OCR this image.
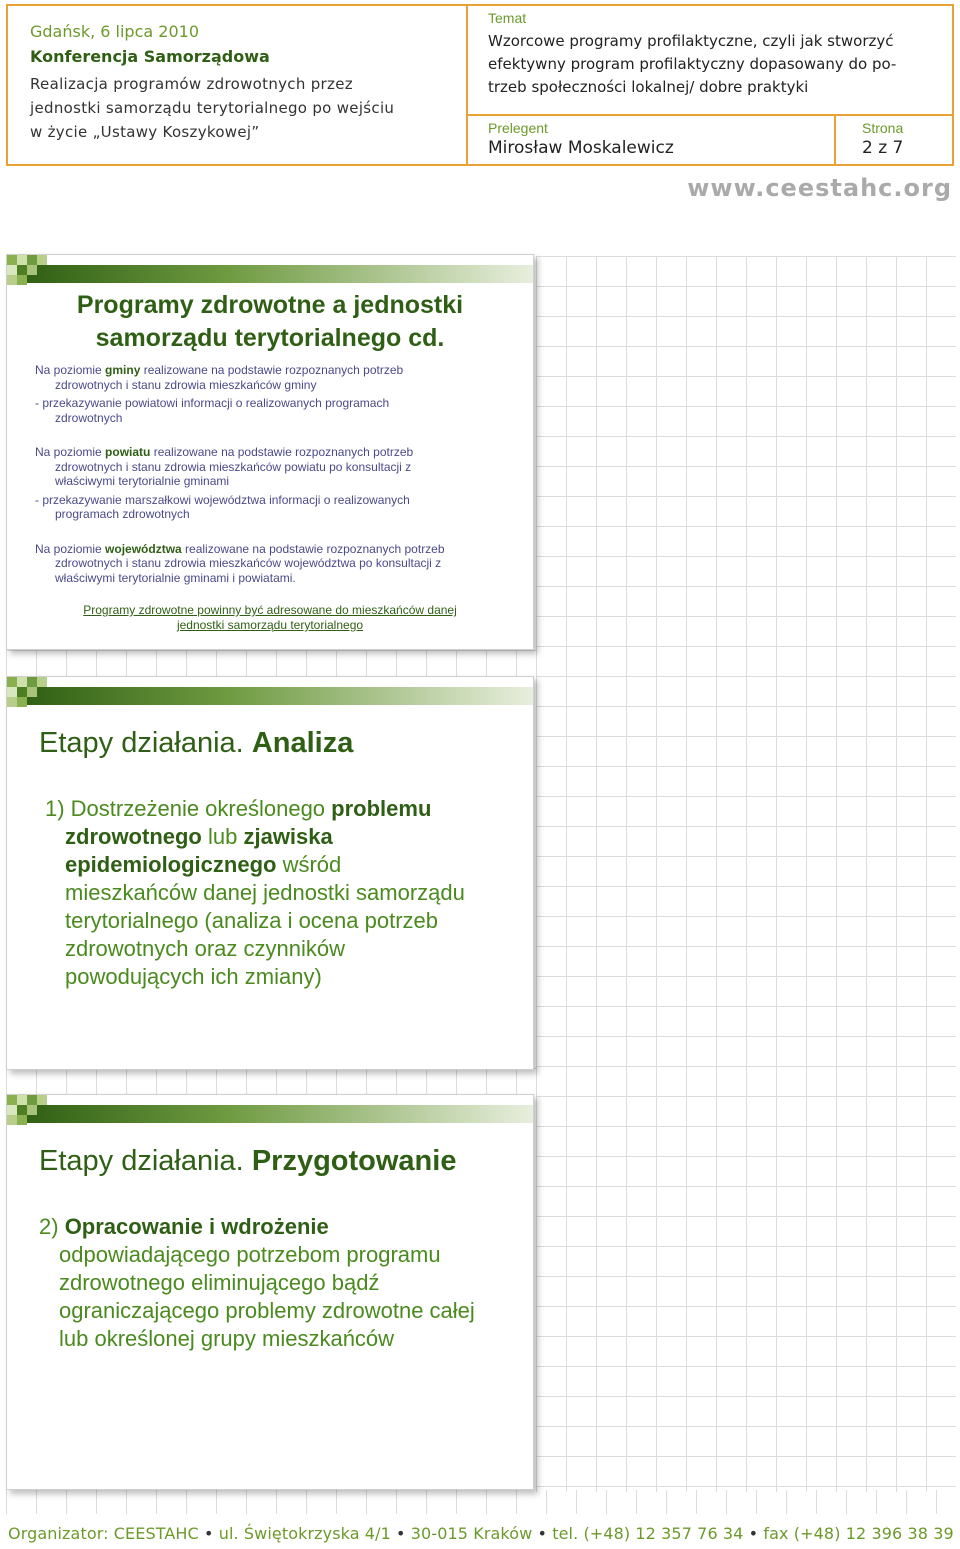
Gdańsk, 6 lipca 2010
Konferencja Samorządowa
Realizacja programów zdrowotnych przez
jednostki samorządu terytorialnego po wejściu
w życie „Ustawy Koszykowej”
Temat
Wzorcowe programy profilaktyczne, czyli jak stworzyć
efektywny program profilaktyczny dopasowany do po-
trzeb społeczności lokalnej/ dobre praktyki
Prelegent
Mirosław Moskalewicz
Strona
2 z 7
www.ceestahc.org
Programy zdrowotne a jednostki
samorządu terytorialnego cd.

Na poziomie gminy realizowane na podstawie rozpoznanych potrzeb

zdrowotnych i stanu zdrowia mieszkańców gminy

- przekazywanie powiatowi informacji o realizowanych programach

zdrowotnych

Na poziomie powiatu realizowane na podstawie rozpoznanych potrzeb

zdrowotnych i stanu zdrowia mieszkańców powiatu po konsultacji z

właściwymi terytorialnie gminami

- przekazywanie marszałkowi województwa informacji o realizowanych

programach zdrowotnych

Na poziomie województwa realizowane na podstawie rozpoznanych potrzeb

zdrowotnych i stanu zdrowia mieszkańców województwa po konsultacji z

właściwymi terytorialnie gminami i powiatami.

Programy zdrowotne powinny być adresowane do mieszkańców danej
jednostki samorządu terytorialnego
Etapy działania. Analiza
1) Dostrzeżenie określonego problemu
zdrowotnego lub zjawiska
epidemiologicznego wśród
mieszkańców danej jednostki samorządu
terytorialnego (analiza i ocena potrzeb
zdrowotnych oraz czynników
powodujących ich zmiany)
Etapy działania. Przygotowanie
2) Opracowanie i wdrożenie
odpowiadającego potrzebom programu
zdrowotnego eliminującego bądź
ograniczającego problemy zdrowotne całej
lub określonej grupy mieszkańców
Organizator: CEESTAHC • ul. Świętokrzyska 4/1 • 30-015 Kraków • tel. (+48) 12 357 76 34 • fax (+48) 12 396 38 39
